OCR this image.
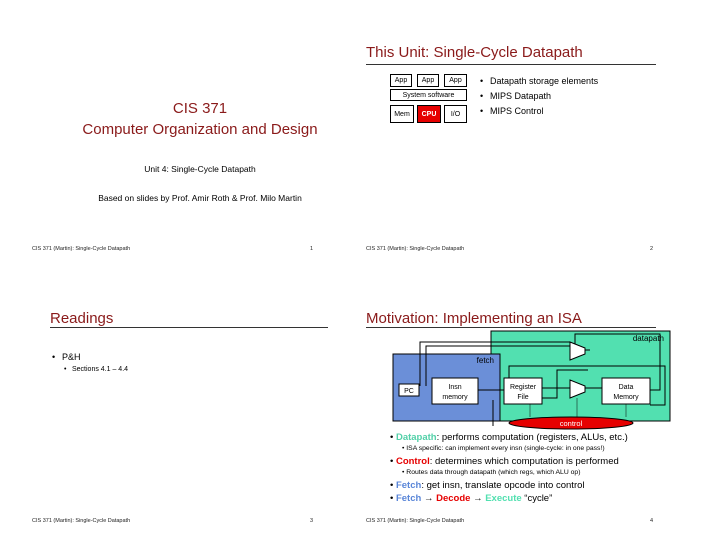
CIS 371
Computer Organization and Design
Unit 4: Single-Cycle Datapath
Based on slides by Prof. Amir Roth & Prof. Milo Martin
CIS 371 (Martin): Single-Cycle Datapath	1
This Unit: Single-Cycle Datapath
App	App	App
System software
Mem	CPU	I/O
• Datapath storage elements
• MIPS Datapath
• MIPS Control
CIS 371 (Martin): Single-Cycle Datapath	2
Readings
• P&H
• Sections 4.1 – 4.4
CIS 371 (Martin): Single-Cycle Datapath	3
Motivation: Implementing an ISA
datapath
fetch
PC
Insn
memory
Register
File
Data
Memory
control
• Datapath: performs computation (registers, ALUs, etc.)
• ISA specific: can implement every insn (single-cycle: in one pass!)
• Control: determines which computation is performed
• Routes data through datapath (which regs, which ALU op)
• Fetch: get insn, translate opcode into control
• Fetch → Decode → Execute “cycle”
CIS 371 (Martin): Single-Cycle Datapath	4
